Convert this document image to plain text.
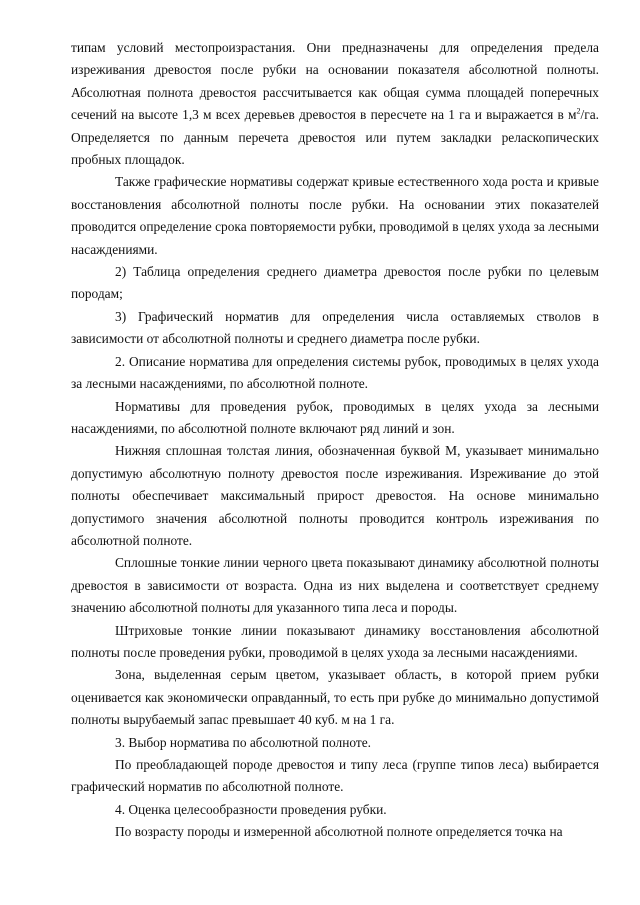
типам условий местопроизрастания. Они предназначены для определения предела изреживания древостоя после рубки на основании показателя абсолютной полноты. Абсолютная полнота древостоя рассчитывается как общая сумма площадей поперечных сечений на высоте 1,3 м всех деревьев древостоя в пересчете на 1 га и выражается в $м^2/га$. Определяется по данным перечета древостоя или путем закладки реласкопических пробных площадок.

Также графические нормативы содержат кривые естественного хода роста и кривые восстановления абсолютной полноты после рубки. На основании этих показателей проводится определение срока повторяемости рубки, проводимой в целях ухода за лесными насаждениями.

2) Таблица определения среднего диаметра древостоя после рубки по целевым породам;

3) Графический норматив для определения числа оставляемых стволов в зависимости от абсолютной полноты и среднего диаметра после рубки.

2. Описание норматива для определения системы рубок, проводимых в целях ухода за лесными насаждениями, по абсолютной полноте.

Нормативы для проведения рубок, проводимых в целях ухода за лесными насаждениями, по абсолютной полноте включают ряд линий и зон.

Нижняя сплошная толстая линия, обозначенная буквой М, указывает минимально допустимую абсолютную полноту древостоя после изреживания. Изреживание до этой полноты обеспечивает максимальный прирост древостоя. На основе минимально допустимого значения абсолютной полноты проводится контроль изреживания по абсолютной полноте.

Сплошные тонкие линии черного цвета показывают динамику абсолютной полноты древостоя в зависимости от возраста. Одна из них выделена и соответствует среднему значению абсолютной полноты для указанного типа леса и породы.

Штриховые тонкие линии показывают динамику восстановления абсолютной полноты после проведения рубки, проводимой в целях ухода за лесными насаждениями.

Зона, выделенная серым цветом, указывает область, в которой прием рубки оценивается как экономически оправданный, то есть при рубке до минимально допустимой полноты вырубаемый запас превышает 40 куб. м на 1 га.

3. Выбор норматива по абсолютной полноте.

По преобладающей породе древостоя и типу леса (группе типов леса) выбирается графический норматив по абсолютной полноте.

4. Оценка целесообразности проведения рубки.

По возрасту породы и измеренной абсолютной полноте определяется точка на
